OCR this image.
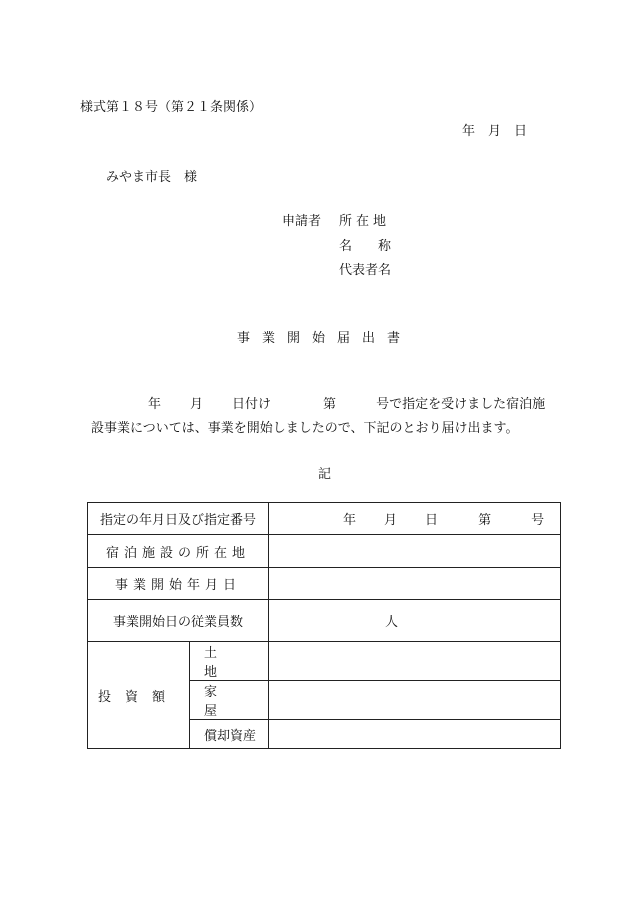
様式第１８号（第２１条関係）
年　月　日
みやま市長　様
申請者 所在地
名称
代表者名
事業開始届出書
年 月 日付け	第	号で指定を受けました宿泊施
設事業については、事業を開始しましたので、下記のとおり届け出ます。
記
指定の年月日及び指定番号		年 月 日 第 号
宿泊施設の所在地		
事業開始年月日		
事業開始日の従業員数		人
投資額	土地	
	家屋	
	償却資産	
